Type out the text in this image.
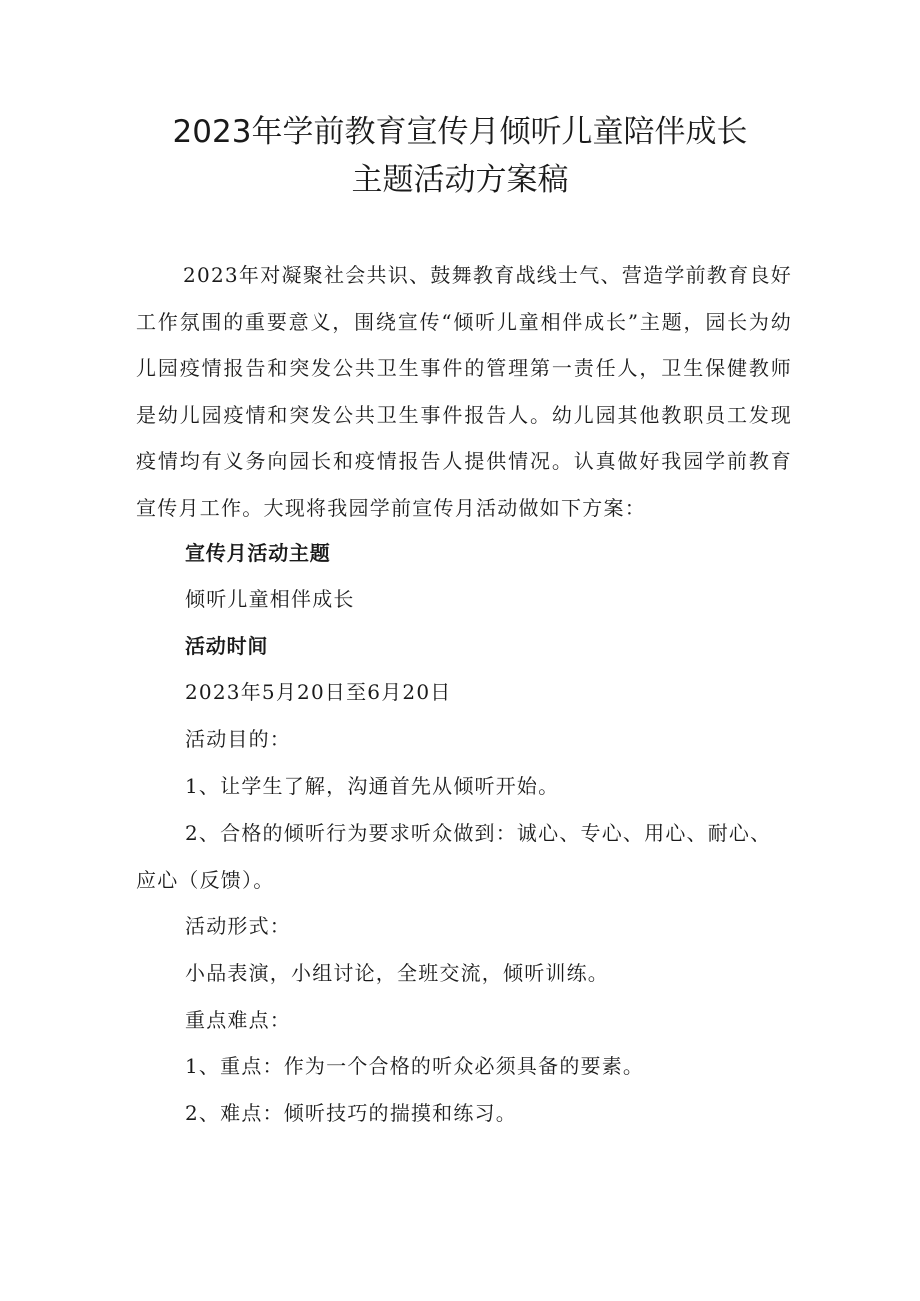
2023年学前教育宣传月倾听儿童陪伴成长
主题活动方案稿

2023年对凝聚社会共识、鼓舞教育战线士气、营造学前教育良好工作氛围的重要意义，围绕宣传“倾听儿童相伴成长”主题，园长为幼儿园疫情报告和突发公共卫生事件的管理第一责任人，卫生保健教师是幼儿园疫情和突发公共卫生事件报告人。幼儿园其他教职员工发现疫情均有义务向园长和疫情报告人提供情况。认真做好我园学前教育宣传月工作。大现将我园学前宣传月活动做如下方案：

宣传月活动主题

倾听儿童相伴成长

活动时间

2023年5月20日至6月20日

活动目的：

1、让学生了解，沟通首先从倾听开始。

2、合格的倾听行为要求听众做到：诚心、专心、用心、耐心、应心（反馈）。

活动形式：

小品表演，小组讨论，全班交流，倾听训练。

重点难点：

1、重点：作为一个合格的听众必须具备的要素。

2、难点：倾听技巧的揣摸和练习。
